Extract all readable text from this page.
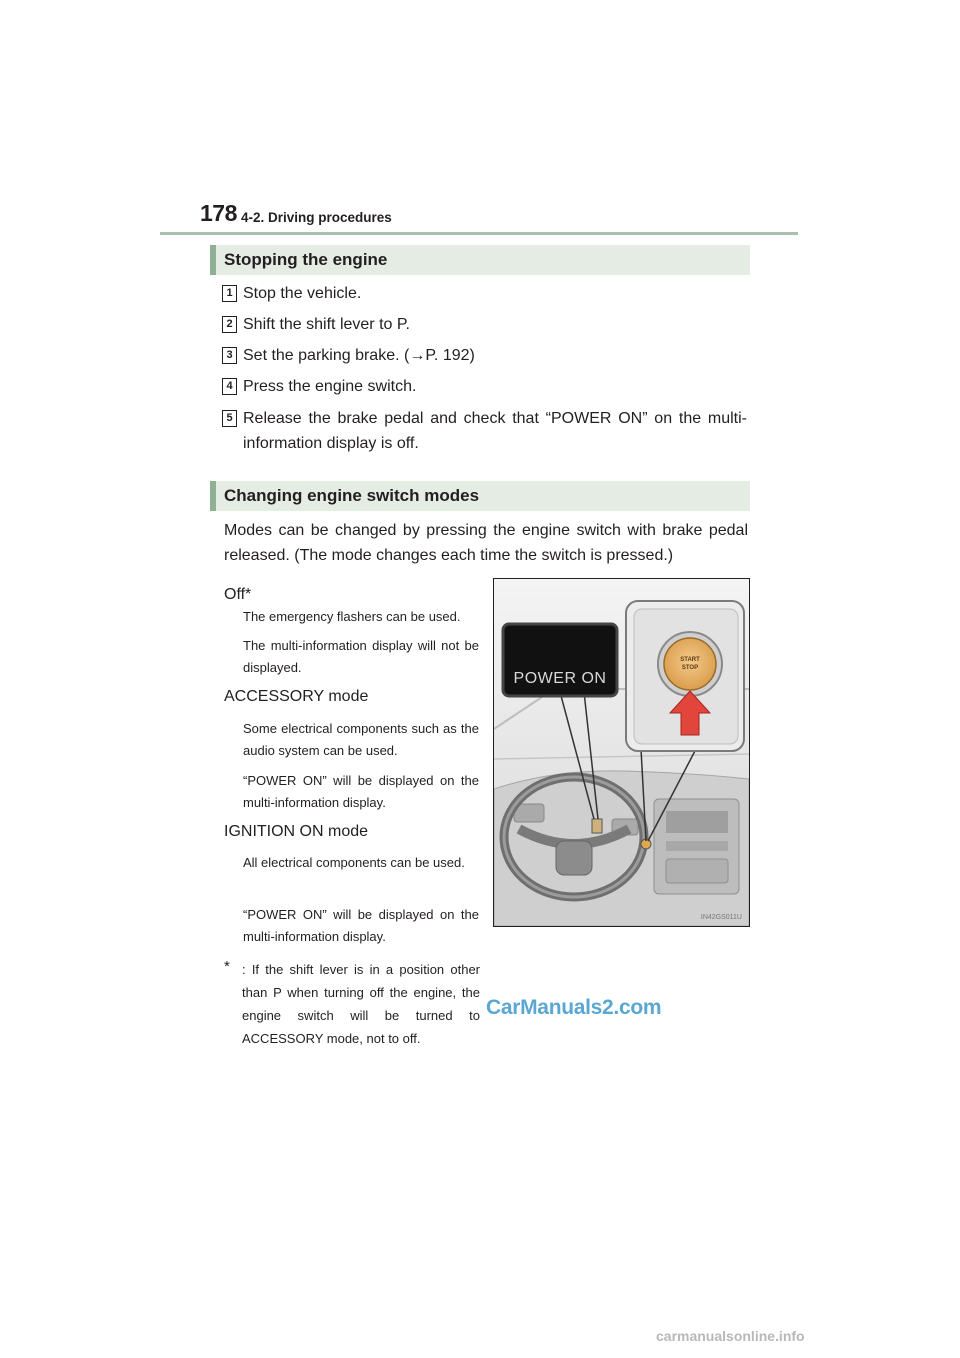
178 4-2. Driving procedures
Stopping the engine
1 Stop the vehicle.
2 Shift the shift lever to P.
3 Set the parking brake. (→P. 192)
4 Press the engine switch.
5 Release the brake pedal and check that “POWER ON” on the multi-information display is off.
Changing engine switch modes
Modes can be changed by pressing the engine switch with brake pedal released. (The mode changes each time the switch is pressed.)
Off*
The emergency flashers can be used.
The multi-information display will not be displayed.
ACCESSORY mode
Some electrical components such as the audio system can be used.
“POWER ON” will be displayed on the multi-information display.
IGNITION ON mode
All electrical components can be used.
“POWER ON” will be displayed on the multi-information display.
* : If the shift lever is in a position other than P when turning off the engine, the engine switch will be turned to ACCESSORY mode, not to off.
POWER ON
START
STOP
IN42GS011U
CarManuals2.com
carmanualsonline.info
